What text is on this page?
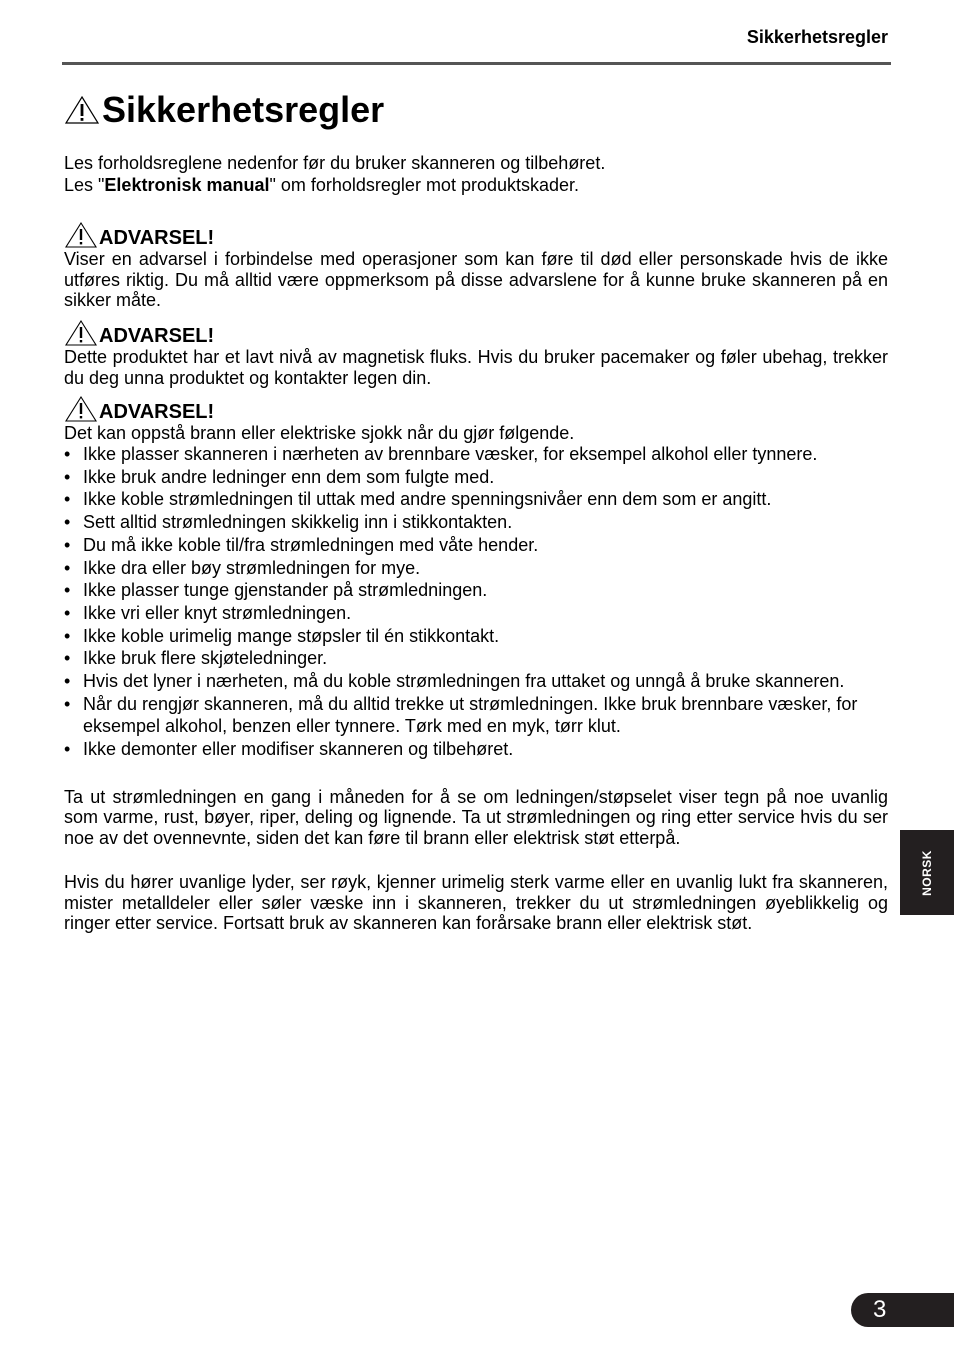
Sikkerhetsregler
Sikkerhetsregler

Les forholdsreglene nedenfor før du bruker skanneren og tilbehøret.

Les "Elektronisk manual" om forholdsregler mot produktskader.

ADVARSEL!

Viser en advarsel i forbindelse med operasjoner som kan føre til død eller personskade hvis de ikke utføres riktig. Du må alltid være oppmerksom på disse advarslene for å kunne bruke skanneren på en sikker måte.

ADVARSEL!

Dette produktet har et lavt nivå av magnetisk fluks. Hvis du bruker pacemaker og føler ubehag, trekker du deg unna produktet og kontakter legen din.

ADVARSEL!

Det kan oppstå brann eller elektriske sjokk når du gjør følgende.

• Ikke plasser skanneren i nærheten av brennbare væsker, for eksempel alkohol eller tynnere.
• Ikke bruk andre ledninger enn dem som fulgte med.
• Ikke koble strømledningen til uttak med andre spenningsnivåer enn dem som er angitt.
• Sett alltid strømledningen skikkelig inn i stikkontakten.
• Du må ikke koble til/fra strømledningen med våte hender.
• Ikke dra eller bøy strømledningen for mye.
• Ikke plasser tunge gjenstander på strømledningen.
• Ikke vri eller knyt strømledningen.
• Ikke koble urimelig mange støpsler til én stikkontakt.
• Ikke bruk flere skjøteledninger.
• Hvis det lyner i nærheten, må du koble strømledningen fra uttaket og unngå å bruke skanneren.
• Når du rengjør skanneren, må du alltid trekke ut strømledningen. Ikke bruk brennbare væsker, for eksempel alkohol, benzen eller tynnere. Tørk med en myk, tørr klut.
• Ikke demonter eller modifiser skanneren og tilbehøret.

Ta ut strømledningen en gang i måneden for å se om ledningen/støpselet viser tegn på noe uvanlig som varme, rust, bøyer, riper, deling og lignende. Ta ut strømledningen og ring etter service hvis du ser noe av det ovennevnte, siden det kan føre til brann eller elektrisk støt etterpå.

Hvis du hører uvanlige lyder, ser røyk, kjenner urimelig sterk varme eller en uvanlig lukt fra skanneren, mister metalldeler eller søler væske inn i skanneren, trekker du ut strømledningen øyeblikkelig og ringer etter service. Fortsatt bruk av skanneren kan forårsake brann eller elektrisk støt.

NORSK
3
